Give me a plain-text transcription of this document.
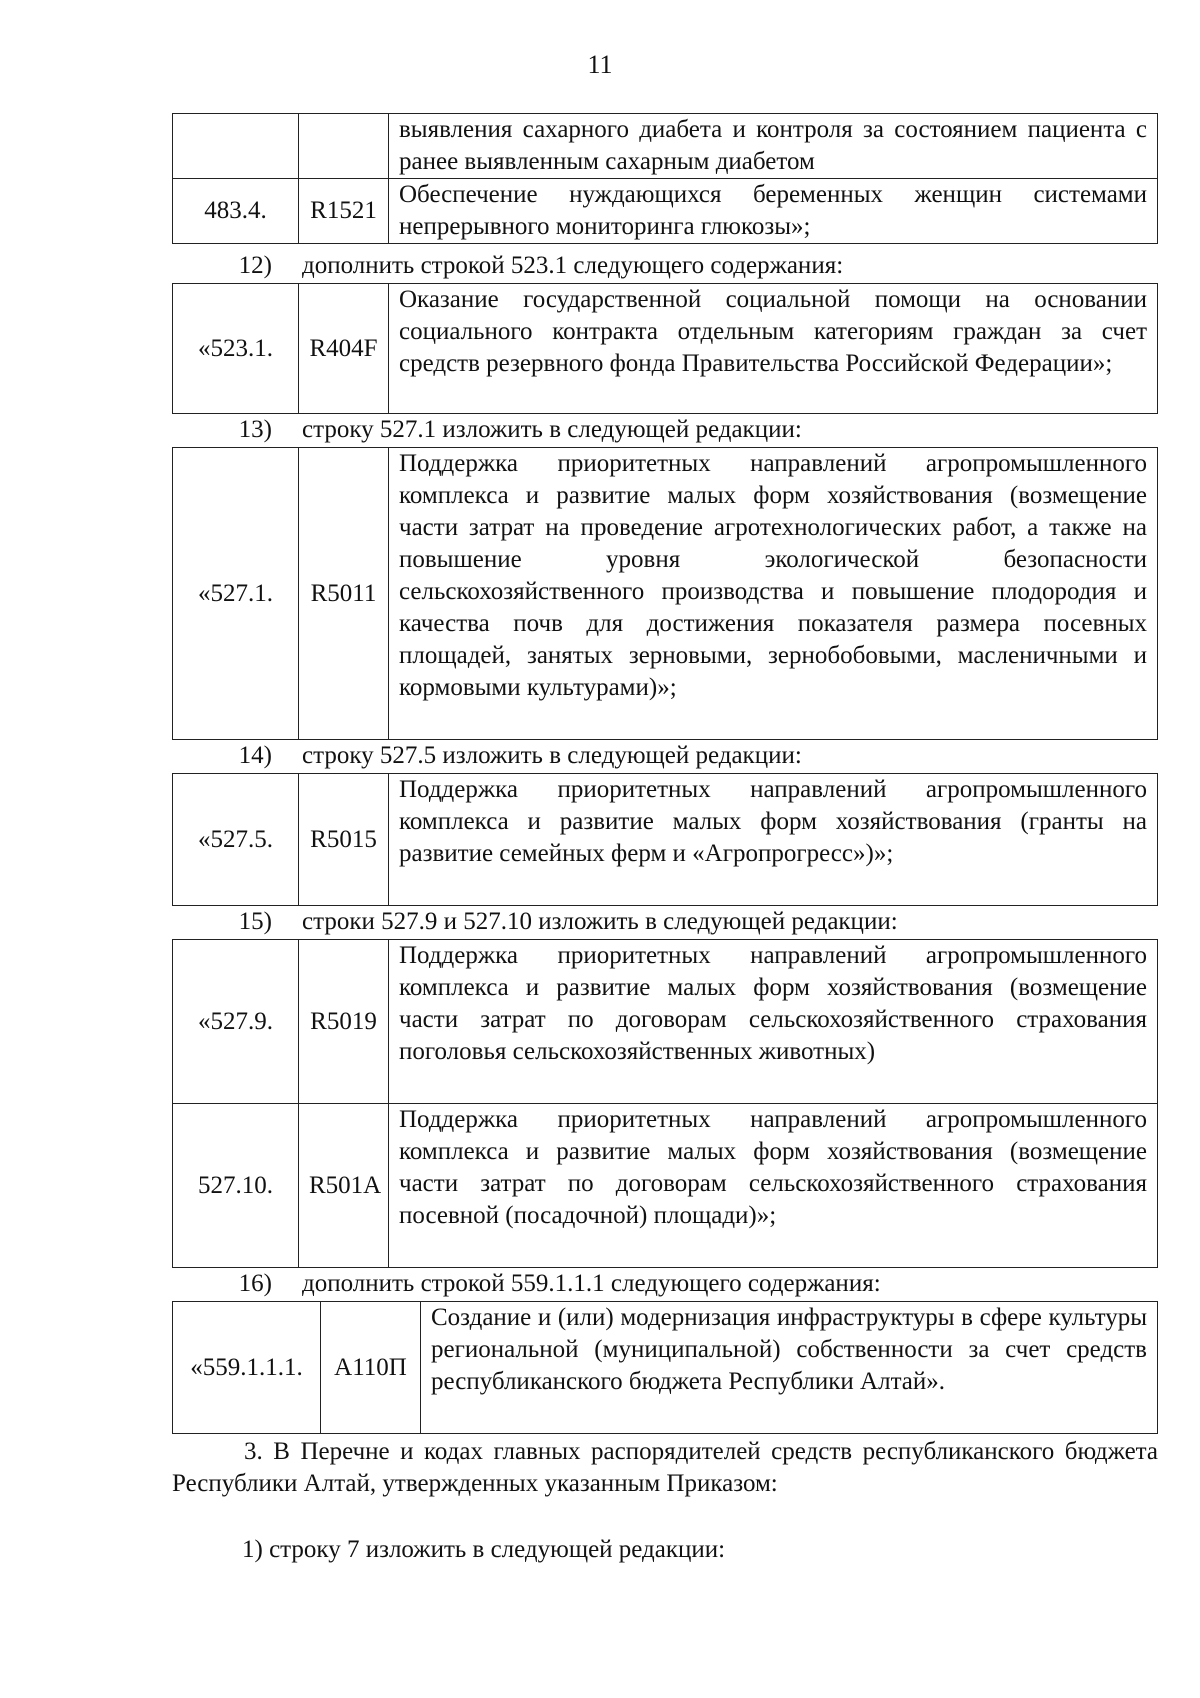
11
		выявления сахарного диабета и контроля за состоянием пациента с ранее выявленным сахарным диабетом
483.4.	R1521	Обеспечение нуждающихся беременных женщин системами непрерывного мониторинга глюкозы»;
12) дополнить строкой 523.1 следующего содержания:
«523.1.	R404F	Оказание государственной социальной помощи на основании социального контракта отдельным категориям граждан за счет средств резервного фонда Правительства Российской Федерации»;
13) строку 527.1 изложить в следующей редакции:
«527.1.	R5011	Поддержка приоритетных направлений агропромышленного комплекса и развитие малых форм хозяйствования (возмещение части затрат на проведение агротехнологических работ, а также на повышение уровня экологической безопасности сельскохозяйственного производства и повышение плодородия и качества почв для достижения показателя размера посевных площадей, занятых зерновыми, зернобобовыми, масленичными и кормовыми культурами)»;
14) строку 527.5 изложить в следующей редакции:
«527.5.	R5015	Поддержка приоритетных направлений агропромышленного комплекса и развитие малых форм хозяйствования (гранты на развитие семейных ферм и «Агропрогресс»)»;
15) строки 527.9 и 527.10 изложить в следующей редакции:
«527.9.	R5019	Поддержка приоритетных направлений агропромышленного комплекса и развитие малых форм хозяйствования (возмещение части затрат по договорам сельскохозяйственного страхования поголовья сельскохозяйственных животных)
527.10.	R501A	Поддержка приоритетных направлений агропромышленного комплекса и развитие малых форм хозяйствования (возмещение части затрат по договорам сельскохозяйственного страхования посевной (посадочной) площади)»;
16) дополнить строкой 559.1.1.1 следующего содержания:
«559.1.1.1.	А110П	Создание и (или) модернизация инфраструктуры в сфере культуры региональной (муниципальной) собственности за счет средств республиканского бюджета Республики Алтай».
3. В Перечне и кодах главных распорядителей средств республиканского бюджета Республики Алтай, утвержденных указанным Приказом:
1) строку 7 изложить в следующей редакции:
